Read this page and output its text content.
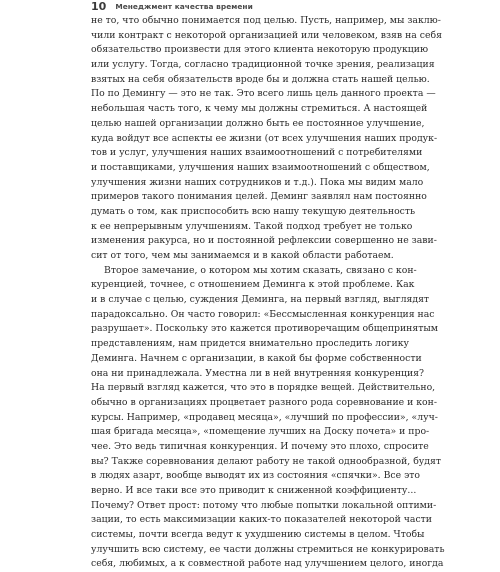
10 Менеджмент качества времени
не то, что обычно понимается под целью. Пусть, например, мы заклю-
чили контракт с некоторой организацией или человеком, взяв на себя
обязательство произвести для этого клиента некоторую продукцию
или услугу. Тогда, согласно традиционной точке зрения, реализация
взятых на себя обязательств вроде бы и должна стать нашей целью.
По по Демингу — это не так. Это всего лишь цель данного проекта —
небольшая часть того, к чему мы должны стремиться. А настоящей
целью нашей организации должно быть ее постоянное улучшение,
куда войдут все аспекты ее жизни (от всех улучшения наших продук-
тов и услуг, улучшения наших взаимоотношений с потребителями
и поставщиками, улучшения наших взаимоотношений с обществом,
улучшения жизни наших сотрудников и т.д.). Пока мы видим мало
примеров такого понимания целей. Деминг заявлял нам постоянно
думать о том, как приспособить всю нашу текущую деятельность
к ее непрерывным улучшениям. Такой подход требует не только
изменения ракурса, но и постоянной рефлексии совершенно не зави-
сит от того, чем мы занимаемся и в какой области работаем.
Второе замечание, о котором мы хотим сказать, связано с кон-
куренцией, точнее, с отношением Деминга к этой проблеме. Как
и в случае с целью, суждения Деминга, на первый взгляд, выглядят
парадоксально. Он часто говорил: «Бессмысленная конкуренция нас
разрушает». Поскольку это кажется противоречащим общепринятым
представлениям, нам придется внимательно проследить логику
Деминга. Начнем с организации, в какой бы форме собственности
она ни принадлежала. Уместна ли в ней внутренняя конкуренция?
На первый взгляд кажется, что это в порядке вещей. Действительно,
обычно в организациях процветает разного рода соревнование и кон-
курсы. Например, «продавец месяца», «лучший по профессии», «луч-
шая бригада месяца», «помещение лучших на Доску почета» и про-
чее. Это ведь типичная конкуренция. И почему это плохо, спросите
вы? Также соревнования делают работу не такой однообразной, будят
в людях азарт, вообще выводят их из состояния «спячки». Все это
верно. И все таки все это приводит к сниженной коэффициенту...
Почему? Ответ прост: потому что любые попытки локальной оптими-
зации, то есть максимизации каких-то показателей некоторой части
системы, почти всегда ведут к ухудшению системы в целом. Чтобы
улучшить всю систему, ее части должны стремиться не конкурировать
себя, любимых, а к совместной работе над улучшением целого, иногда
